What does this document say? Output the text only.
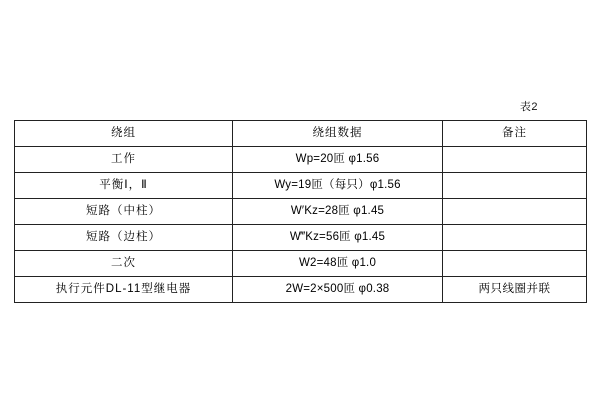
表2
绕组	绕组数据	备注
工作	Wp=20匝 φ1.56	
平衡Ⅰ，Ⅱ	Wy=19匝（每只）φ1.56	
短路（中柱）	W′Kz=28匝 φ1.45	
短路（边柱）	W‴Kz=56匝 φ1.45	
二次	W2=48匝 φ1.0	
执行元件DL-11型继电器	2W=2×500匝 φ0.38	两只线圈并联
